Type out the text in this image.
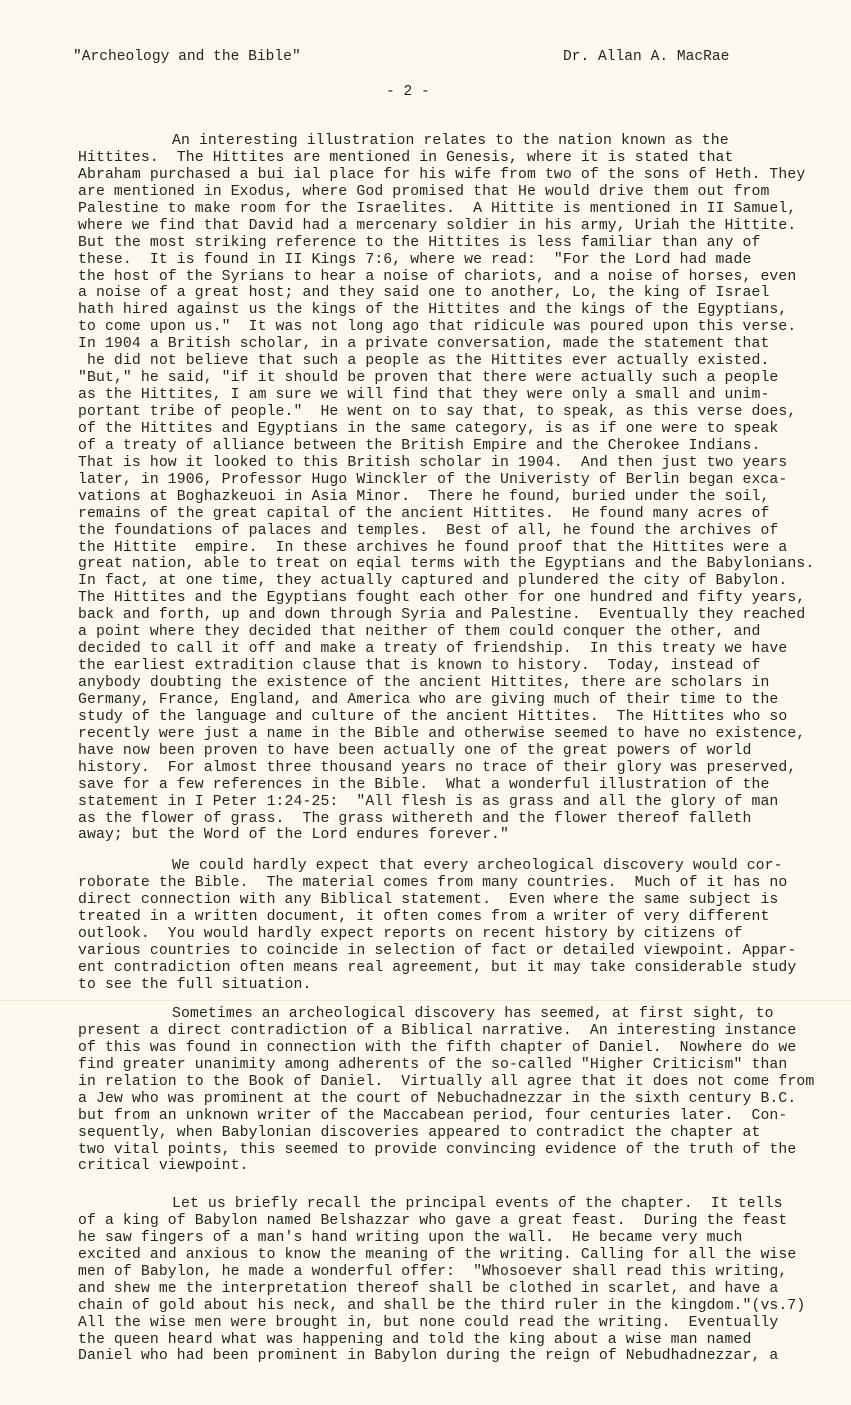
"Archeology and the Bible"	Dr. Allan A. MacRae
- 2 -
An interesting illustration relates to the nation known as the
Hittites.  The Hittites are mentioned in Genesis, where it is stated that
Abraham purchased a bui ial place for his wife from two of the sons of Heth. They
are mentioned in Exodus, where God promised that He would drive them out from
Palestine to make room for the Israelites.  A Hittite is mentioned in II Samuel,
where we find that David had a mercenary soldier in his army, Uriah the Hittite.
But the most striking reference to the Hittites is less familiar than any of
these.  It is found in II Kings 7:6, where we read:  "For the Lord had made
the host of the Syrians to hear a noise of chariots, and a noise of horses, even
a noise of a great host; and they said one to another, Lo, the king of Israel
hath hired against us the kings of the Hittites and the kings of the Egyptians,
to come upon us."  It was not long ago that ridicule was poured upon this verse.
In 1904 a British scholar, in a private conversation, made the statement that
he did not believe that such a people as the Hittites ever actually existed.
"But," he said, "if it should be proven that there were actually such a people
as the Hittites, I am sure we will find that they were only a small and unim-
portant tribe of people."  He went on to say that, to speak, as this verse does,
of the Hittites and Egyptians in the same category, is as if one were to speak
of a treaty of alliance between the British Empire and the Cherokee Indians.
That is how it looked to this British scholar in 1904.  And then just two years
later, in 1906, Professor Hugo Winckler of the Univeristy of Berlin began exca-
vations at Boghazkeuoi in Asia Minor.  There he found, buried under the soil,
remains of the great capital of the ancient Hittites.  He found many acres of
the foundations of palaces and temples.  Best of all, he found the archives of
the Hittite  empire.  In these archives he found proof that the Hittites were a
great nation, able to treat on eqial terms with the Egyptians and the Babylonians.
In fact, at one time, they actually captured and plundered the city of Babylon.
The Hittites and the Egyptians fought each other for one hundred and fifty years,
back and forth, up and down through Syria and Palestine.  Eventually they reached
a point where they decided that neither of them could conquer the other, and
decided to call it off and make a treaty of friendship.  In this treaty we have
the earliest extradition clause that is known to history.  Today, instead of
anybody doubting the existence of the ancient Hittites, there are scholars in
Germany, France, England, and America who are giving much of their time to the
study of the language and culture of the ancient Hittites.  The Hittites who so
recently were just a name in the Bible and otherwise seemed to have no existence,
have now been proven to have been actually one of the great powers of world
history.  For almost three thousand years no trace of their glory was preserved,
save for a few references in the Bible.  What a wonderful illustration of the
statement in I Peter 1:24-25:  "All flesh is as grass and all the glory of man
as the flower of grass.  The grass withereth and the flower thereof falleth
away; but the Word of the Lord endures forever."
We could hardly expect that every archeological discovery would cor-
roborate the Bible.  The material comes from many countries.  Much of it has no
direct connection with any Biblical statement.  Even where the same subject is
treated in a written document, it often comes from a writer of very different
outlook.  You would hardly expect reports on recent history by citizens of
various countries to coincide in selection of fact or detailed viewpoint. Appar-
ent contradiction often means real agreement, but it may take considerable study
to see the full situation.
Sometimes an archeological discovery has seemed, at first sight, to
present a direct contradiction of a Biblical narrative.  An interesting instance
of this was found in connection with the fifth chapter of Daniel.  Nowhere do we
find greater unanimity among adherents of the so-called "Higher Criticism" than
in relation to the Book of Daniel.  Virtually all agree that it does not come from
a Jew who was prominent at the court of Nebuchadnezzar in the sixth century B.C.
but from an unknown writer of the Maccabean period, four centuries later.  Con-
sequently, when Babylonian discoveries appeared to contradict the chapter at
two vital points, this seemed to provide convincing evidence of the truth of the
critical viewpoint.
Let us briefly recall the principal events of the chapter.  It tells
of a king of Babylon named Belshazzar who gave a great feast.  During the feast
he saw fingers of a man's hand writing upon the wall.  He became very much
excited and anxious to know the meaning of the writing. Calling for all the wise
men of Babylon, he made a wonderful offer:  "Whosoever shall read this writing,
and shew me the interpretation thereof shall be clothed in scarlet, and have a
chain of gold about his neck, and shall be the third ruler in the kingdom."(vs.7)
All the wise men were brought in, but none could read the writing.  Eventually
the queen heard what was happening and told the king about a wise man named
Daniel who had been prominent in Babylon during the reign of Nebudhadnezzar, a
